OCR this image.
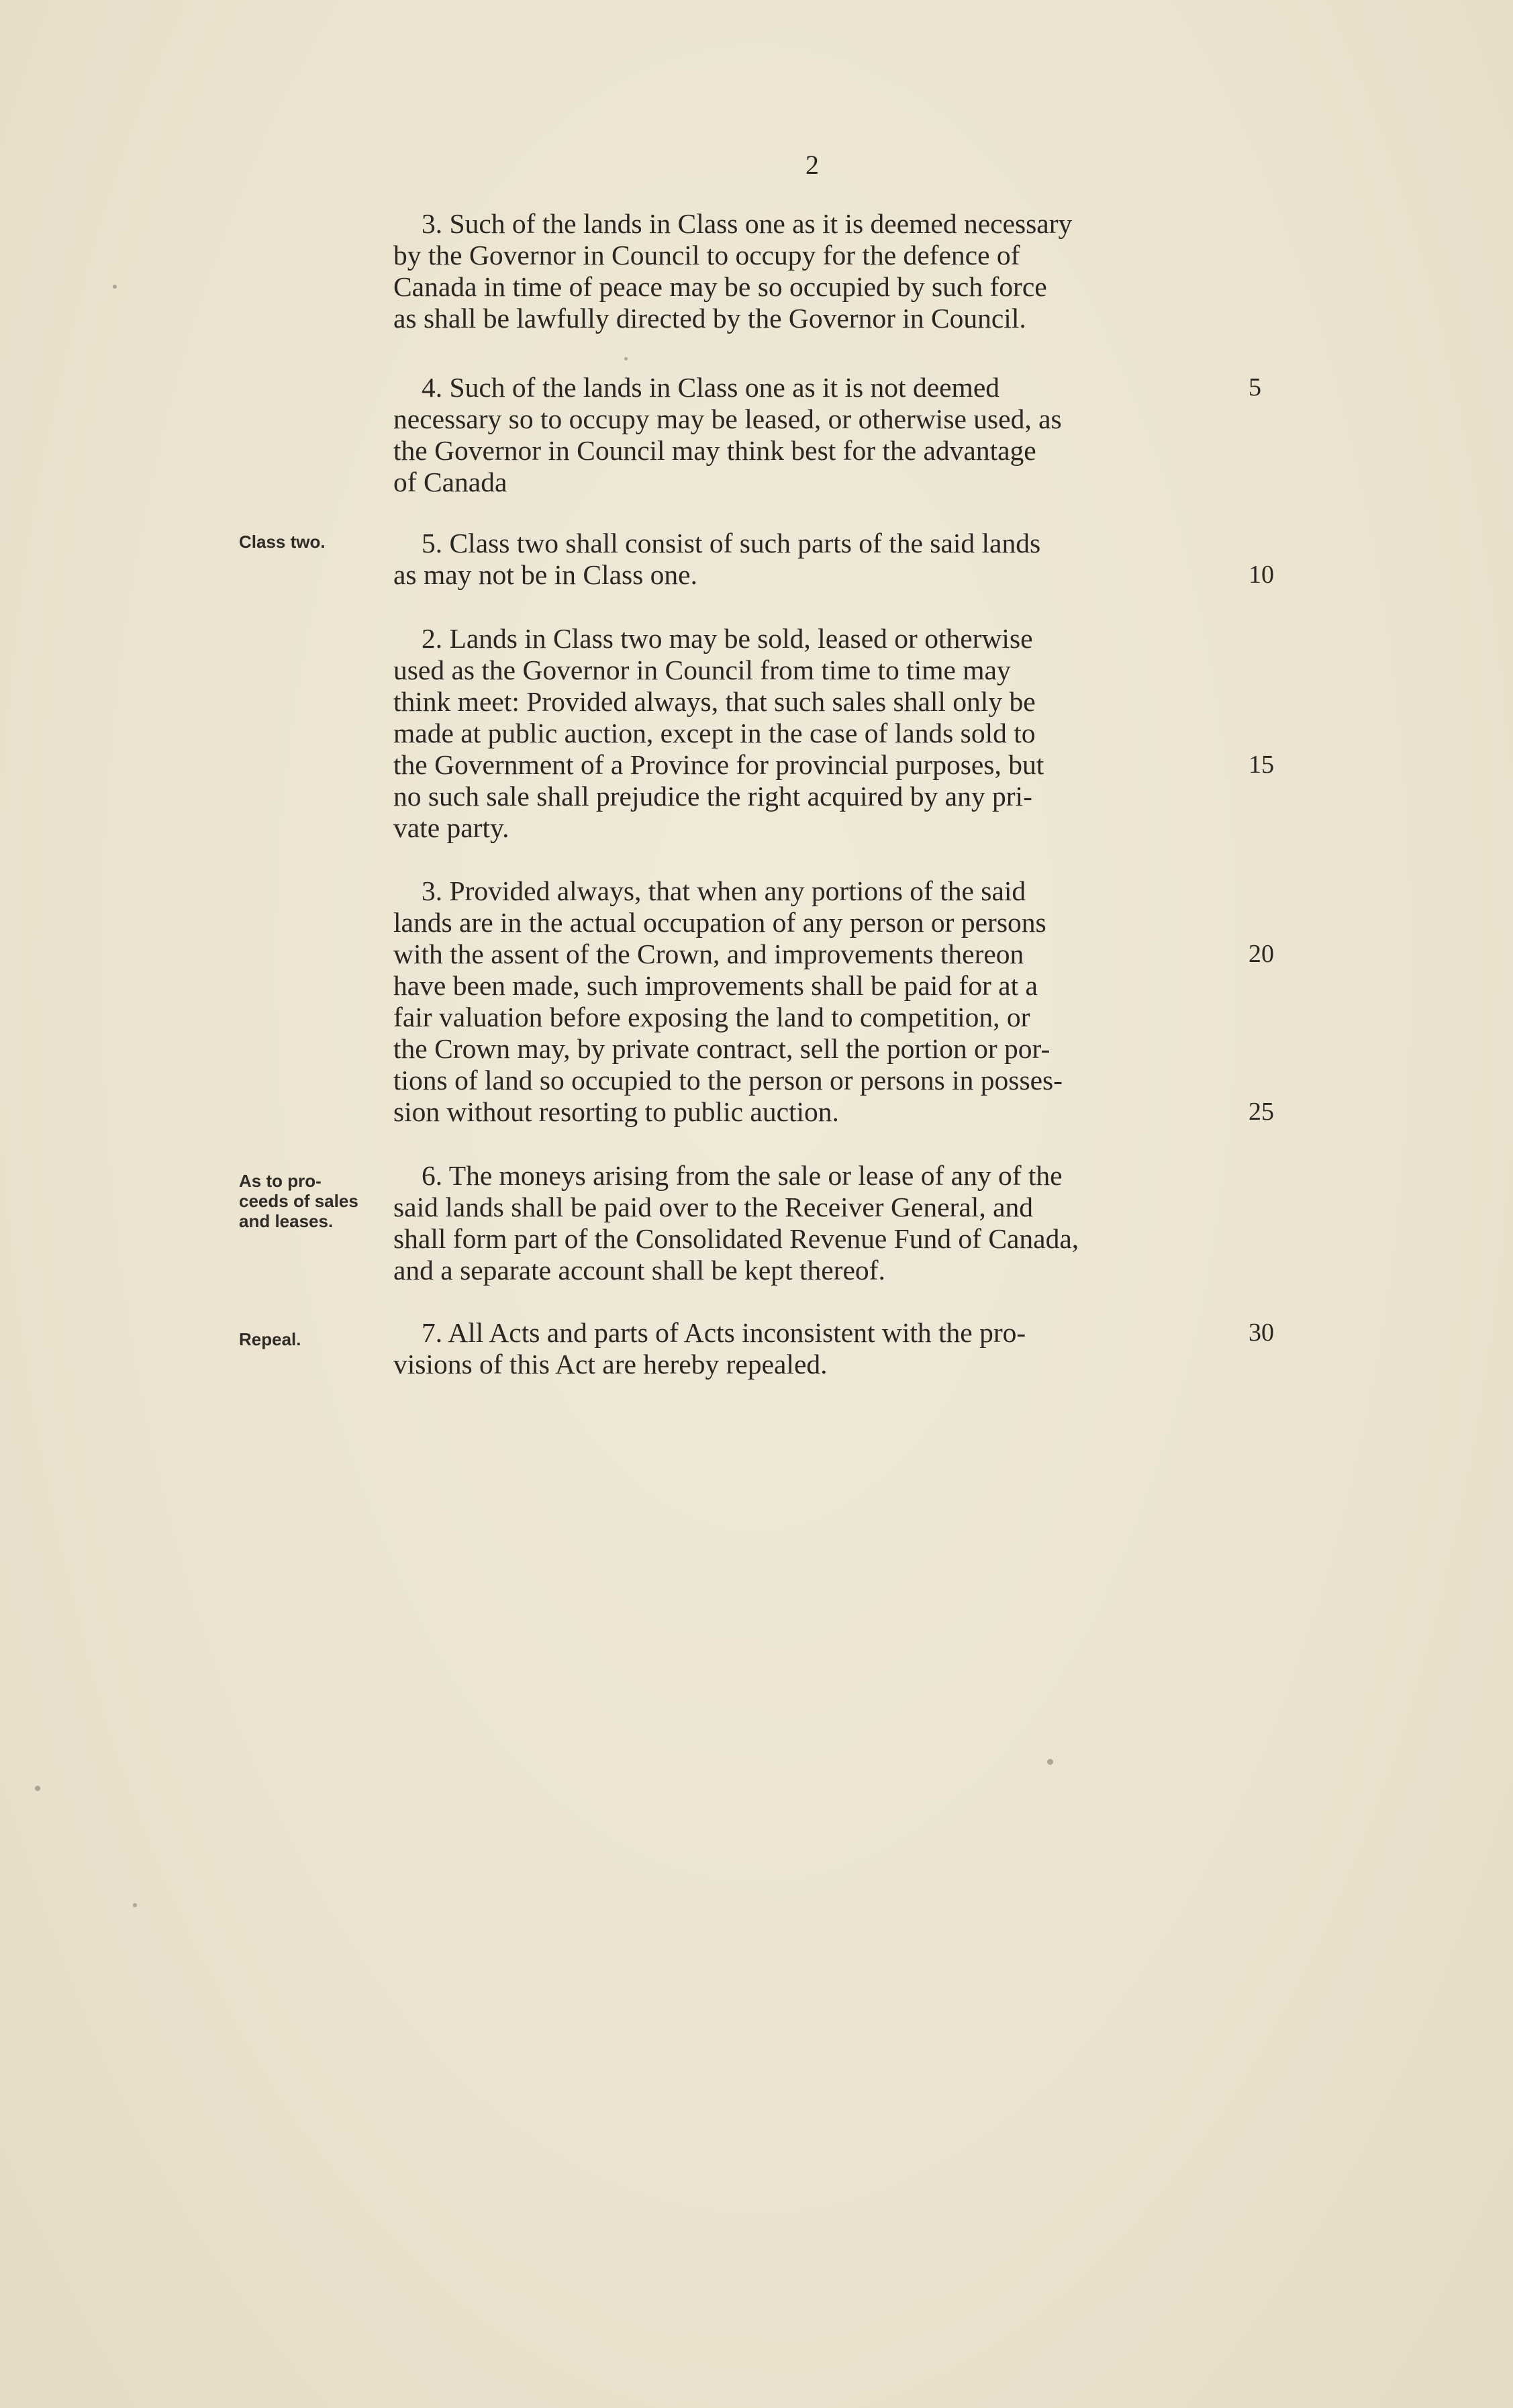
2

3. Such of the lands in Class one as it is deemed necessary
by the Governor in Council to occupy for the defence of
Canada in time of peace may be so occupied by such force
as shall be lawfully directed by the Governor in Council.

4. Such of the lands in Class one as it is not deemed
necessary so to occupy may be leased, or otherwise used, as
the Governor in Council may think best for the advantage
of Canada

Class two.	5. Class two shall consist of such parts of the said lands
as may not be in Class one.

2. Lands in Class two may be sold, leased or otherwise
used as the Governor in Council from time to time may
think meet: Provided always, that such sales shall only be
made at public auction, except in the case of lands sold to
the Government of a Province for provincial purposes, but
no such sale shall prejudice the right acquired by any pri-
vate party.

3. Provided always, that when any portions of the said
lands are in the actual occupation of any person or persons
with the assent of the Crown, and improvements thereon
have been made, such improvements shall be paid for at a
fair valuation before exposing the land to competition, or
the Crown may, by private contract, sell the portion or por-
tions of land so occupied to the person or persons in posses-
sion without resorting to public auction.

As to pro-
ceeds of sales
and leases.

6. The moneys arising from the sale or lease of any of the
said lands shall be paid over to the Receiver General, and
shall form part of the Consolidated Revenue Fund of Canada,
and a separate account shall be kept thereof.

Repeal.	7. All Acts and parts of Acts inconsistent with the pro-
visions of this Act are hereby repealed.

5
10
15
20
25
30
